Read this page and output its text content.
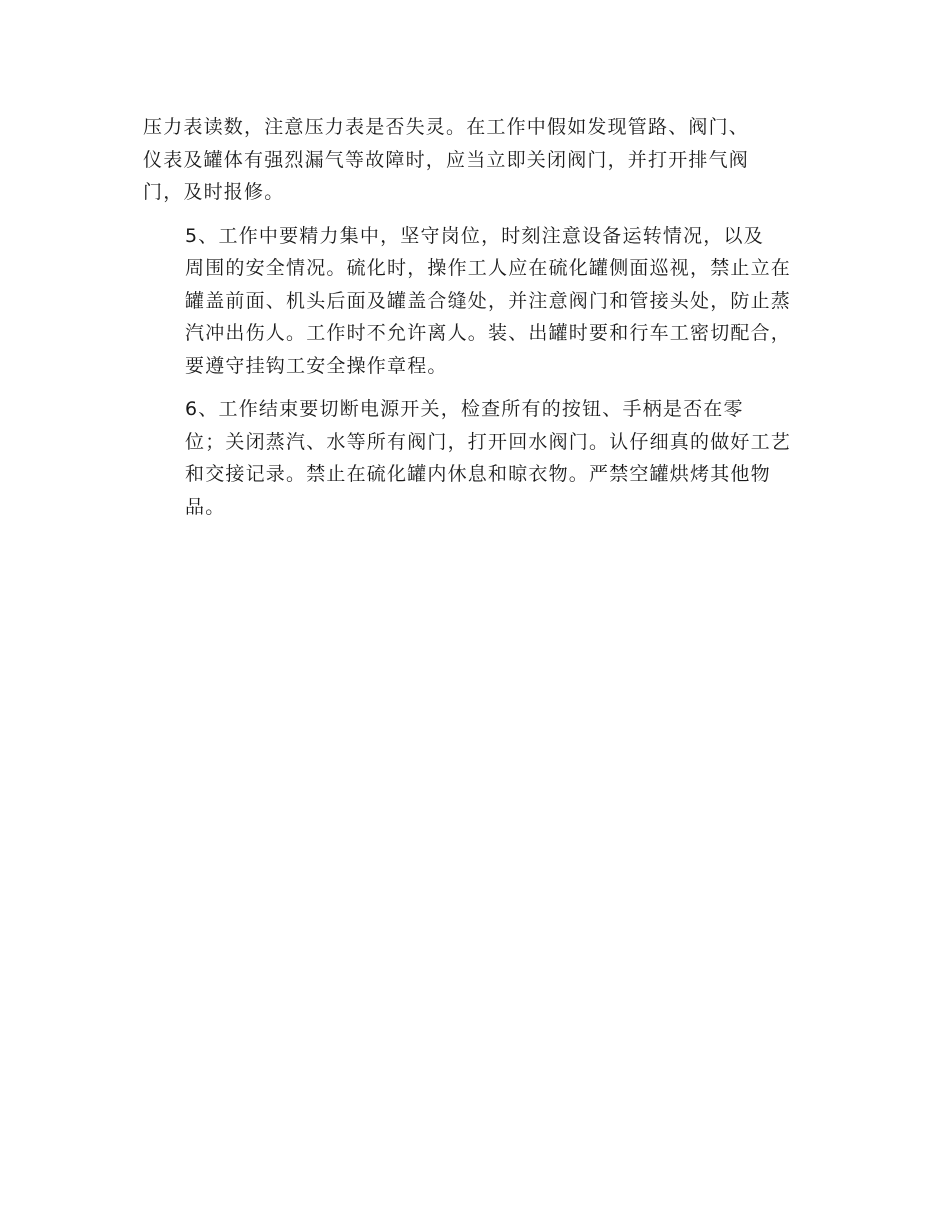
压力表读数，注意压力表是否失灵。在工作中假如发现管路、阀门、
仪表及罐体有强烈漏气等故障时，应当立即关闭阀门，并打开排气阀
门，及时报修。

5、工作中要精力集中，坚守岗位，时刻注意设备运转情况，以及
周围的安全情况。硫化时，操作工人应在硫化罐侧面巡视，禁止立在
罐盖前面、机头后面及罐盖合缝处，并注意阀门和管接头处，防止蒸
汽冲出伤人。工作时不允许离人。装、出罐时要和行车工密切配合，
要遵守挂钩工安全操作章程。

6、工作结束要切断电源开关，检查所有的按钮、手柄是否在零
位；关闭蒸汽、水等所有阀门，打开回水阀门。认仔细真的做好工艺
和交接记录。禁止在硫化罐内休息和晾衣物。严禁空罐烘烤其他物
品。
